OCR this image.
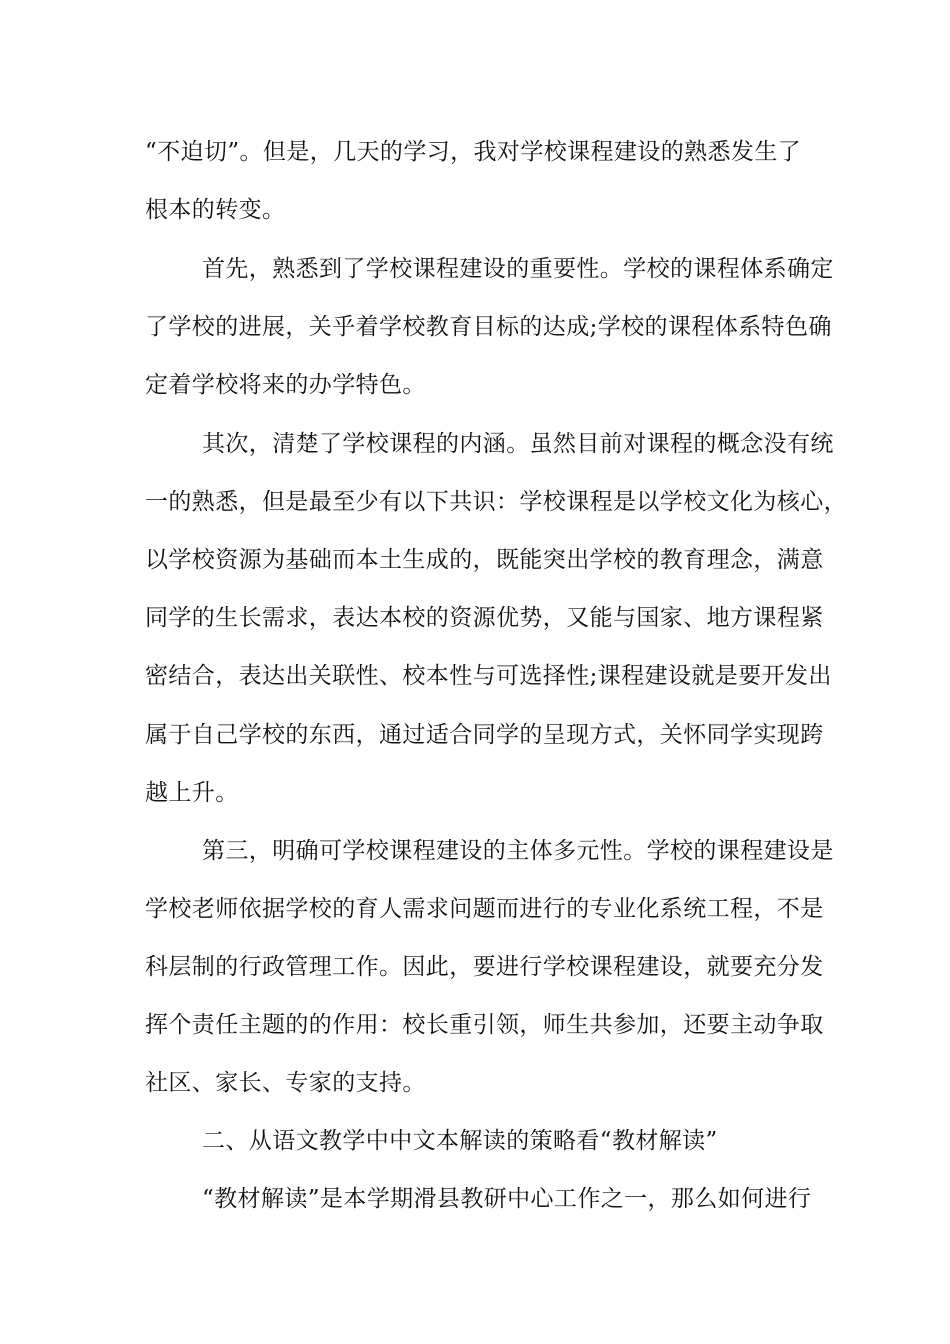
“不迫切”。但是，几天的学习，我对学校课程建设的熟悉发生了
根本的转变。
首先，熟悉到了学校课程建设的重要性。学校的课程体系确定
了学校的进展，关乎着学校教育目标的达成;学校的课程体系特色确
定着学校将来的办学特色。
其次，清楚了学校课程的内涵。虽然目前对课程的概念没有统
一的熟悉，但是最至少有以下共识：学校课程是以学校文化为核心，
以学校资源为基础而本土生成的，既能突出学校的教育理念，满意
同学的生长需求，表达本校的资源优势，又能与国家、地方课程紧
密结合，表达出关联性、校本性与可选择性;课程建设就是要开发出
属于自己学校的东西，通过适合同学的呈现方式，关怀同学实现跨
越上升。
第三，明确可学校课程建设的主体多元性。学校的课程建设是
学校老师依据学校的育人需求问题而进行的专业化系统工程，不是
科层制的行政管理工作。因此，要进行学校课程建设，就要充分发
挥个责任主题的的作用：校长重引领，师生共参加，还要主动争取
社区、家长、专家的支持。
二、从语文教学中中文本解读的策略看“教材解读”
“教材解读”是本学期滑县教研中心工作之一，那么如何进行
